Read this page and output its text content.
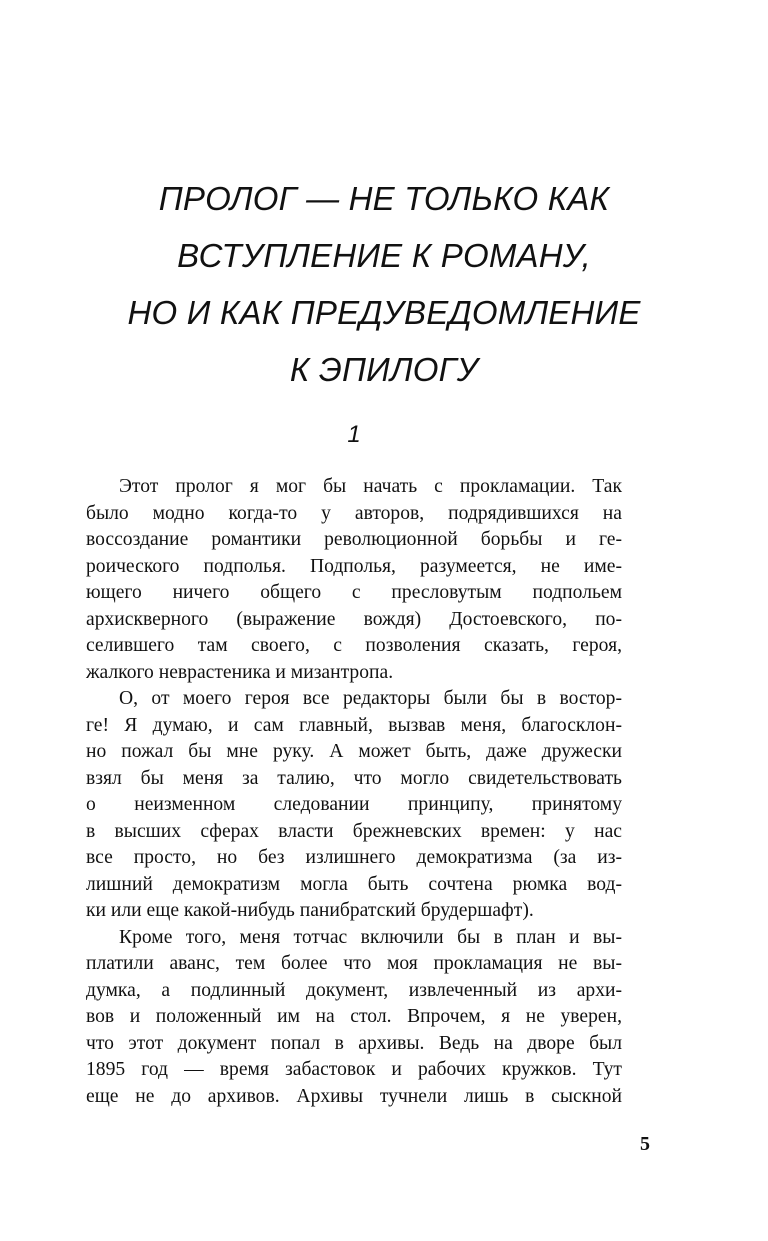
ПРОЛОГ — НЕ ТОЛЬКО КАК
ВСТУПЛЕНИЕ К РОМАНУ,
НО И КАК ПРЕДУВЕДОМЛЕНИЕ
К ЭПИЛОГУ
1
Этот пролог я мог бы начать с прокламации. Так
было модно когда-то у авторов, подрядившихся на
воссоздание романтики революционной борьбы и ге-
роического подполья. Подполья, разумеется, не име-
ющего ничего общего с пресловутым подпольем
архискверного (выражение вождя) Достоевского, по-
селившего там своего, с позволения сказать, героя,
жалкого неврастеника и мизантропа.
О, от моего героя все редакторы были бы в востор-
ге! Я думаю, и сам главный, вызвав меня, благосклон-
но пожал бы мне руку. А может быть, даже дружески
взял бы меня за талию, что могло свидетельствовать
о неизменном следовании принципу, принятому
в высших сферах власти брежневских времен: у нас
все просто, но без излишнего демократизма (за из-
лишний демократизм могла быть сочтена рюмка вод-
ки или еще какой-нибудь панибратский брудершафт).
Кроме того, меня тотчас включили бы в план и вы-
платили аванс, тем более что моя прокламация не вы-
думка, а подлинный документ, извлеченный из архи-
вов и положенный им на стол. Впрочем, я не уверен,
что этот документ попал в архивы. Ведь на дворе был
1895 год — время забастовок и рабочих кружков. Тут
еще не до архивов. Архивы тучнели лишь в сыскной
5
